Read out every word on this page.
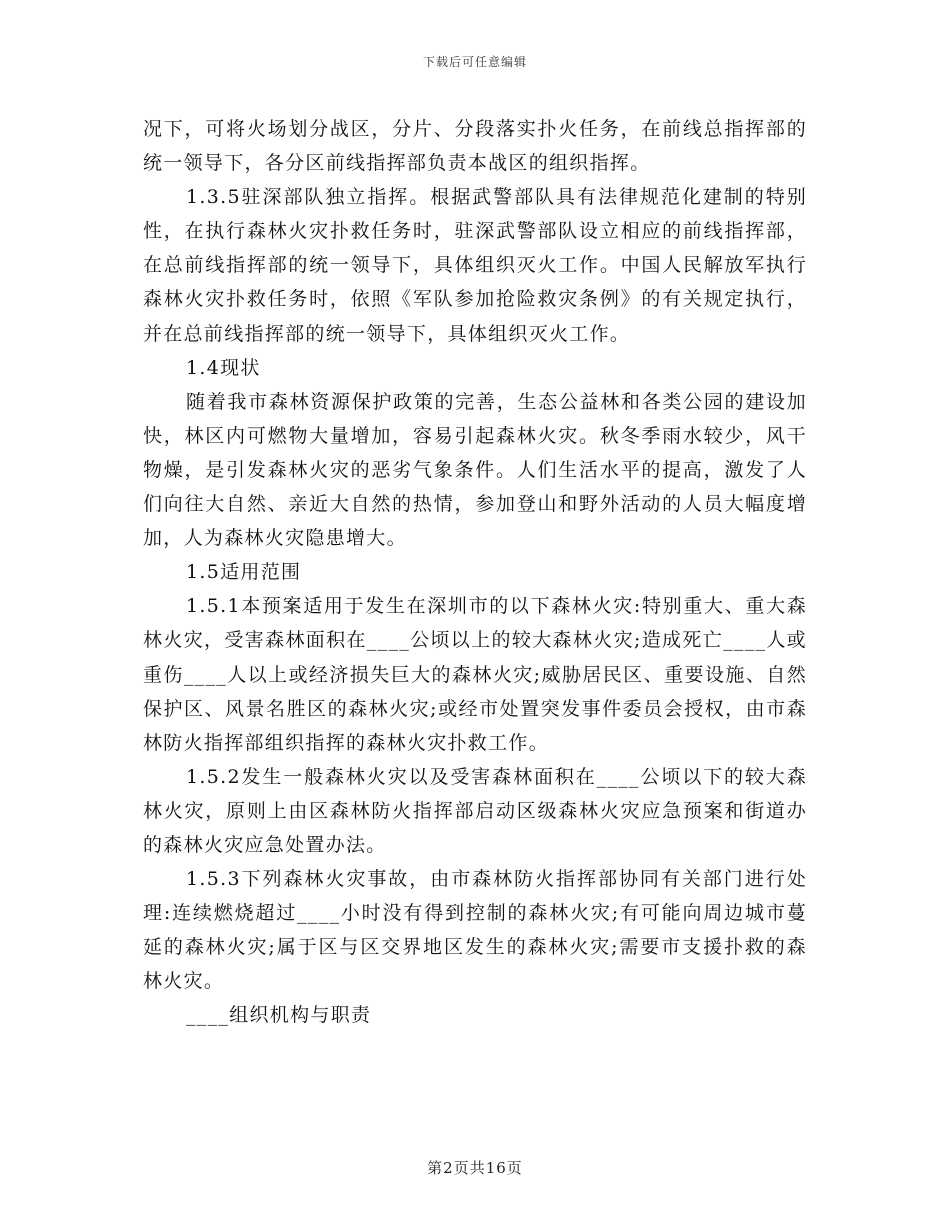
下载后可任意编辑

况下，可将火场划分战区，分片、分段落实扑火任务，在前线总指挥部的统一领导下，各分区前线指挥部负责本战区的组织指挥。

1.3.5驻深部队独立指挥。根据武警部队具有法律规范化建制的特别性，在执行森林火灾扑救任务时，驻深武警部队设立相应的前线指挥部，在总前线指挥部的统一领导下，具体组织灭火工作。中国人民解放军执行森林火灾扑救任务时，依照《军队参加抢险救灾条例》的有关规定执行，并在总前线指挥部的统一领导下，具体组织灭火工作。

1.4现状

随着我市森林资源保护政策的完善，生态公益林和各类公园的建设加快，林区内可燃物大量增加，容易引起森林火灾。秋冬季雨水较少，风干物燥，是引发森林火灾的恶劣气象条件。人们生活水平的提高，激发了人们向往大自然、亲近大自然的热情，参加登山和野外活动的人员大幅度增加，人为森林火灾隐患增大。

1.5适用范围

1.5.1本预案适用于发生在深圳市的以下森林火灾:特别重大、重大森林火灾，受害森林面积在____公顷以上的较大森林火灾;造成死亡____人或重伤____人以上或经济损失巨大的森林火灾;威胁居民区、重要设施、自然保护区、风景名胜区的森林火灾;或经市处置突发事件委员会授权，由市森林防火指挥部组织指挥的森林火灾扑救工作。

1.5.2发生一般森林火灾以及受害森林面积在____公顷以下的较大森林火灾，原则上由区森林防火指挥部启动区级森林火灾应急预案和街道办的森林火灾应急处置办法。

1.5.3下列森林火灾事故，由市森林防火指挥部协同有关部门进行处理:连续燃烧超过____小时没有得到控制的森林火灾;有可能向周边城市蔓延的森林火灾;属于区与区交界地区发生的森林火灾;需要市支援扑救的森林火灾。

____组织机构与职责

第2页共16页
